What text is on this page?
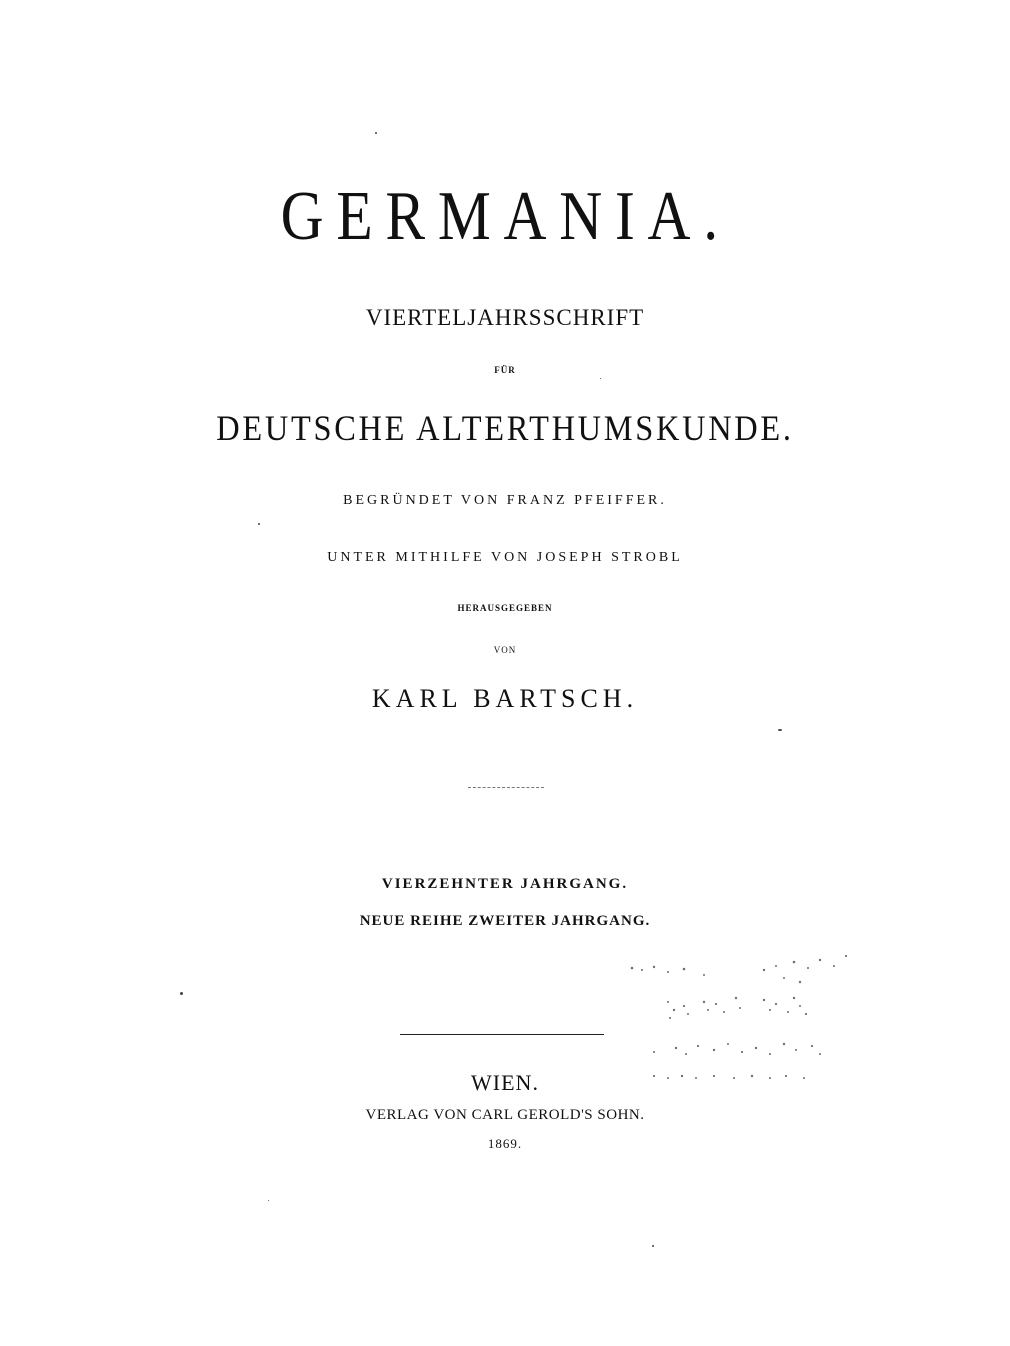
GERMANIA.
VIERTELJAHRSSCHRIFT
FÜR
DEUTSCHE ALTERTHUMSKUNDE.
BEGRÜNDET VON FRANZ PFEIFFER.
UNTER MITHILFE VON JOSEPH STROBL
HERAUSGEGEBEN
VON
KARL BARTSCH.
VIERZEHNTER JAHRGANG.
NEUE REIHE ZWEITER JAHRGANG.
WIEN.
VERLAG VON CARL GEROLD'S SOHN.
1869.
